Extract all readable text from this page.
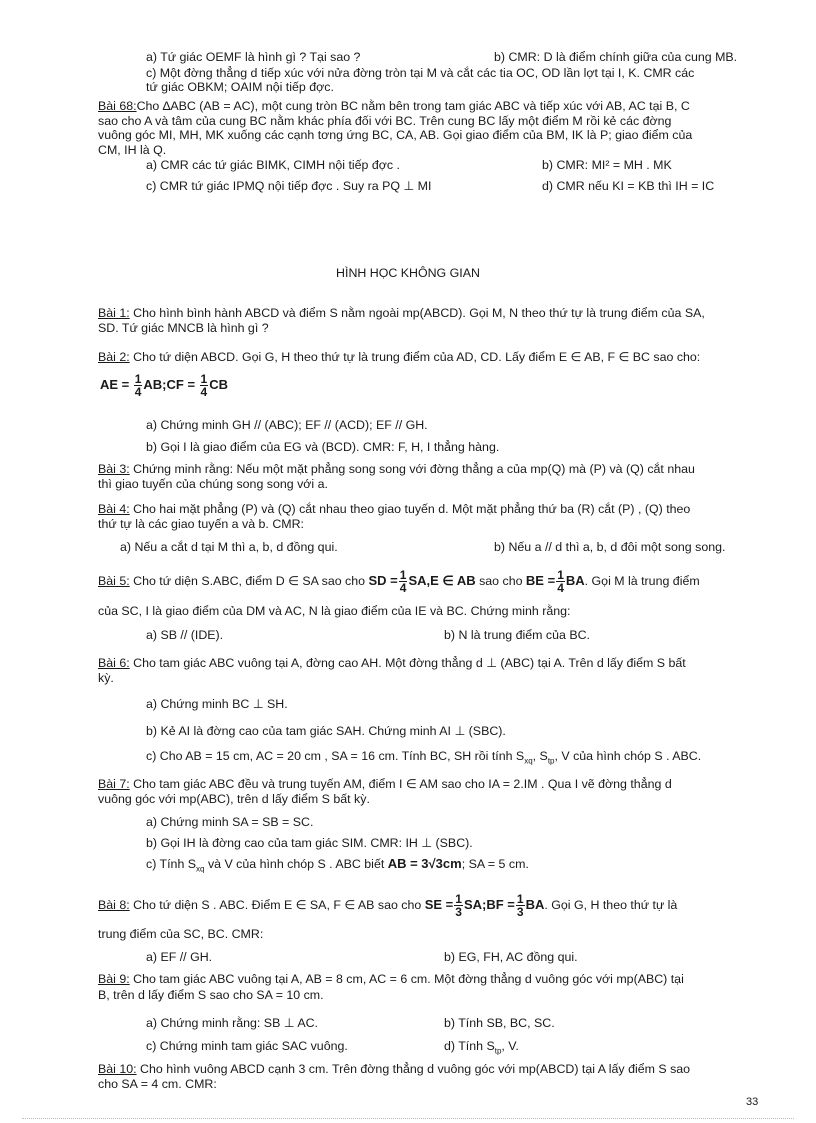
a) Tứ giác OEMF là hình gì ? Tại sao ?	b) CMR: D là điểm chính giữa của cung MB.
c) Một đờng thẳng d tiếp xúc với nửa đờng tròn tại M và cắt các tia OC, OD lần lợt tại I, K. CMR các
tứ giác OBKM; OAIM nội tiếp đợc.
Bài 68:Cho ∆ABC (AB = AC), một cung tròn BC nằm bên trong tam giác ABC và tiếp xúc với AB, AC tại B, C
sao cho A và tâm của cung BC nằm khác phía đối với BC. Trên cung BC lấy một điểm M rồi kẻ các đờng
vuông góc MI, MH, MK xuống các cạnh tơng ứng BC, CA, AB. Gọi giao điểm của BM, IK là P; giao điểm của
CM, IH là Q.
a) CMR các tứ giác BIMK, CIMH nội tiếp đợc .	b) CMR: MI² = MH . MK
c) CMR tứ giác IPMQ nội tiếp đợc . Suy ra PQ ⊥ MI	d) CMR nếu KI = KB thì IH = IC
HÌNH HỌC KHÔNG GIAN
Bài 1: Cho hình bình hành ABCD và điểm S nằm ngoài mp(ABCD). Gọi M, N theo thứ tự là trung điểm của SA,
SD. Tứ giác MNCB là hình gì ?
Bài 2: Cho tứ diện ABCD. Gọi G, H theo thứ tự là trung điểm của AD, CD. Lấy điểm E ∈ AB, F ∈ BC sao cho:
AE = $\frac{1}{4}$ AB;CF = $\frac{1}{4}$ CB
a) Chứng minh GH // (ABC); EF // (ACD); EF // GH.
b) Gọi I là giao điểm của EG và (BCD). CMR: F, H, I thẳng hàng.
Bài 3: Chứng minh rằng: Nếu một mặt phẳng song song với đờng thẳng a của mp(Q) mà (P) và (Q) cắt nhau
thì giao tuyến của chúng song song với a.
Bài 4: Cho hai mặt phẳng (P) và (Q) cắt nhau theo giao tuyến d. Một mặt phẳng thứ ba (R) cắt (P) , (Q) theo
thứ tự là các giao tuyến a và b. CMR:
a) Nếu a cắt d tại M thì a, b, d đồng qui.	b) Nếu a // d thì a, b, d đôi một song song.
Bài 5: Cho tứ diện S.ABC, điểm D ∈ SA sao cho SD = $\frac{1}{4} SA,E$ ∈ AB sao cho BE = $\frac{1}{4}$ BA. Gọi M là trung điểm
của SC, I là giao điểm của DM và AC, N là giao điểm của IE và BC. Chứng minh rằng:
a) SB // (IDE).	b) N là trung điểm của BC.
Bài 6: Cho tam giác ABC vuông tại A, đờng cao AH. Một đờng thẳng d ⊥ (ABC) tại A. Trên d lấy điểm S bất
kỳ.
a) Chứng minh BC ⊥ SH.
b) Kẻ AI là đờng cao của tam giác SAH. Chứng minh AI ⊥ (SBC).
c) Cho AB = 15 cm, AC = 20 cm , SA = 16 cm. Tính BC, SH rồi tính $S_{xq}$, $S_{tp}$, V của hình chóp S . ABC.
Bài 7: Cho tam giác ABC đều và trung tuyến AM, điểm I ∈ AM sao cho IA = 2.IM . Qua I vẽ đờng thẳng d
vuông góc với mp(ABC), trên d lấy điểm S bất kỳ.
a) Chứng minh SA = SB = SC.
b) Gọi IH là đờng cao của tam giác SIM. CMR: IH ⊥ (SBC).
c) Tính $S_{xq}$ và V của hình chóp S . ABC biết AB = 3√3cm; SA = 5 cm.
Bài 8: Cho tứ diện S . ABC. Điểm E ∈ SA, F ∈ AB sao cho SE = $\frac{1}{3}$ SA;BF = $\frac{1}{3}$ BA. Gọi G, H theo thứ tự là
trung điểm của SC, BC. CMR:
a) EF // GH.	b) EG, FH, AC đồng qui.
Bài 9: Cho tam giác ABC vuông tại A, AB = 8 cm, AC = 6 cm. Một đờng thẳng d vuông góc với mp(ABC) tại
B, trên d lấy điểm S sao cho SA = 10 cm.
a) Chứng minh rằng: SB ⊥ AC.	b) Tính SB, BC, SC.
c) Chứng minh tam giác SAC vuông.	d) Tính $S_{tp}$, V.
Bài 10: Cho hình vuông ABCD cạnh 3 cm. Trên đờng thẳng d vuông góc với mp(ABCD) tại A lấy điểm S sao
cho SA = 4 cm. CMR:
33
